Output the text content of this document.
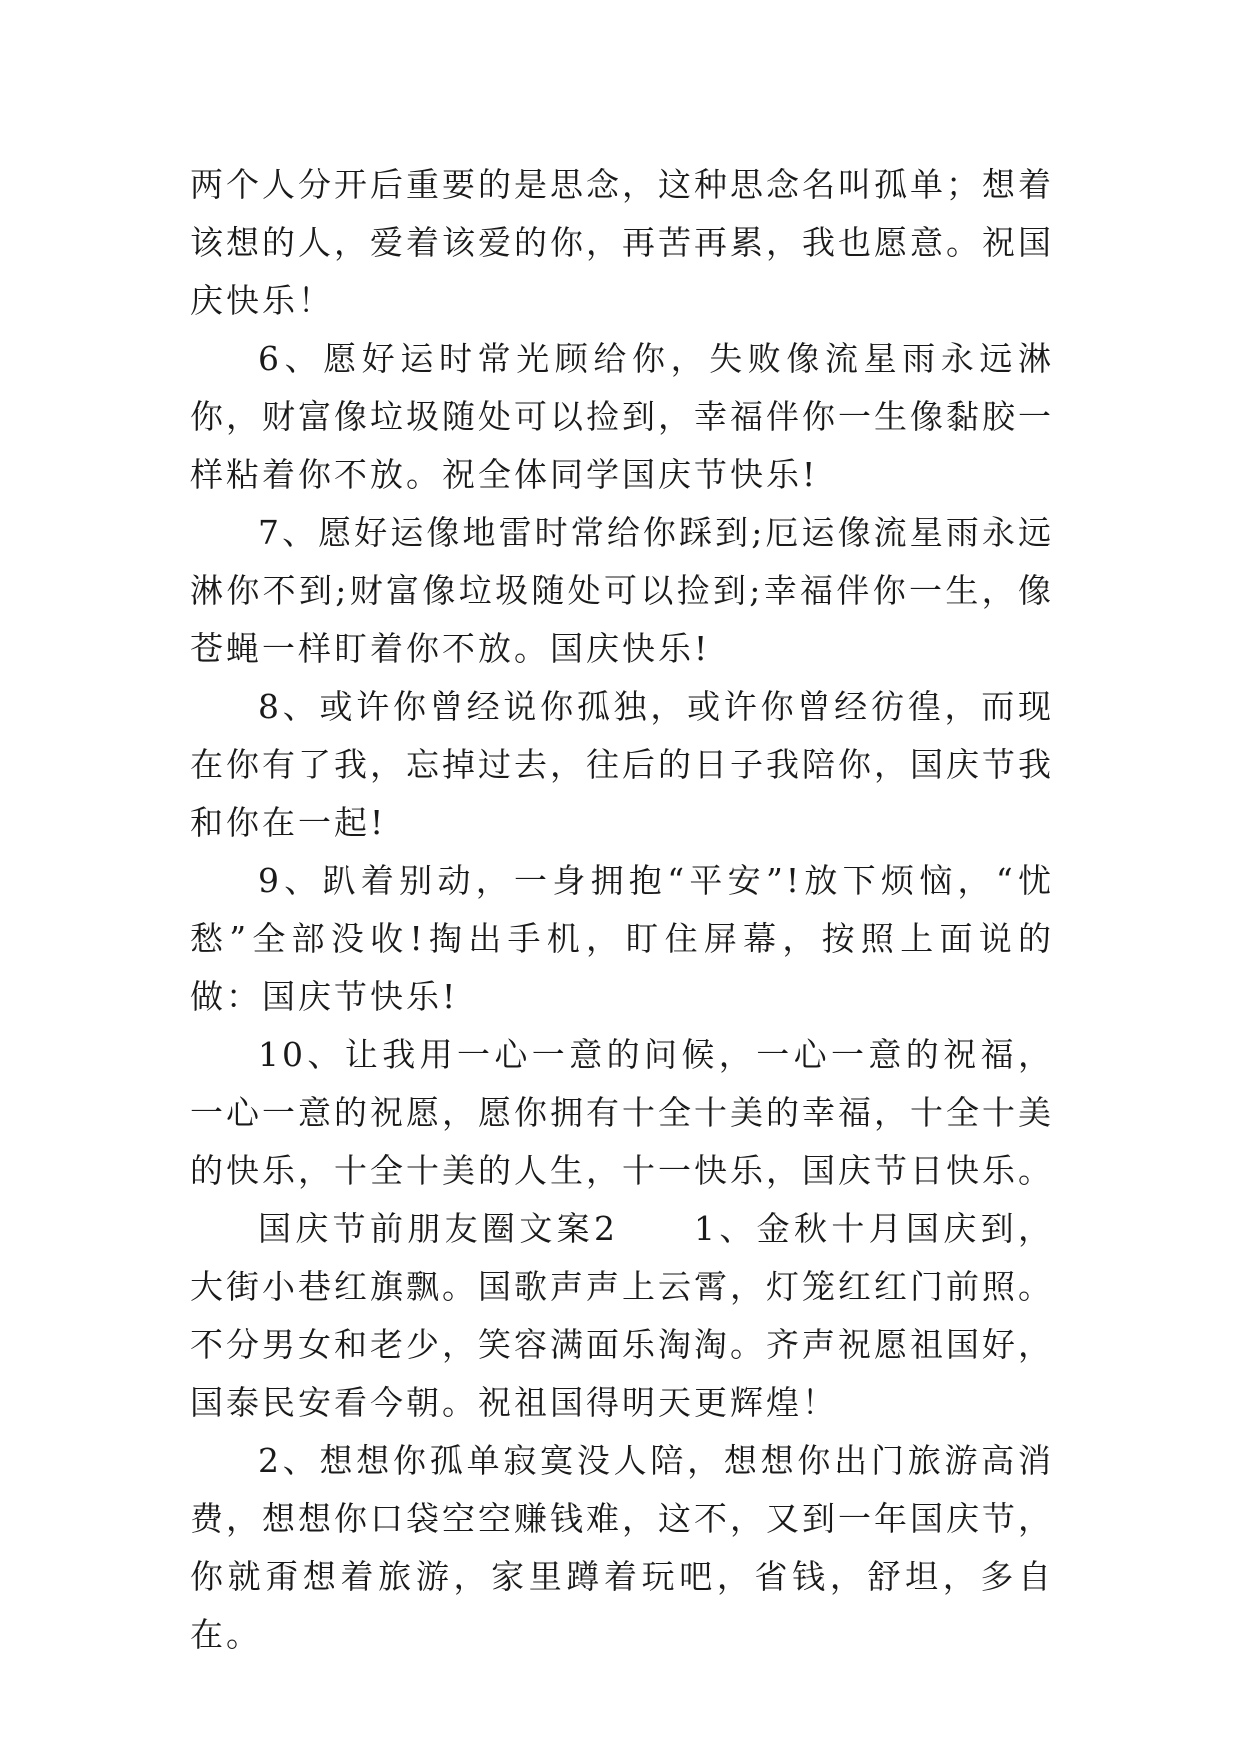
两个人分开后重要的是思念，这种思念名叫孤单；想着该想的人，爱着该爱的你，再苦再累，我也愿意。祝国庆快乐！

6、愿好运时常光顾给你，失败像流星雨永远淋你，财富像垃圾随处可以捡到，幸福伴你一生像黏胶一样粘着你不放。祝全体同学国庆节快乐!

7、愿好运像地雷时常给你踩到;厄运像流星雨永远淋你不到;财富像垃圾随处可以捡到;幸福伴你一生，像苍蝇一样盯着你不放。国庆快乐!

8、或许你曾经说你孤独，或许你曾经彷徨，而现在你有了我，忘掉过去，往后的日子我陪你，国庆节我和你在一起!

9、趴着别动，一身拥抱“平安”!放下烦恼，“忧愁”全部没收!掏出手机，盯住屏幕，按照上面说的做：国庆节快乐!

10、让我用一心一意的问候，一心一意的祝福，一心一意的祝愿，愿你拥有十全十美的幸福，十全十美的快乐，十全十美的人生，十一快乐，国庆节日快乐。

国庆节前朋友圈文案2　　1、金秋十月国庆到，大街小巷红旗飘。国歌声声上云霄，灯笼红红门前照。不分男女和老少，笑容满面乐淘淘。齐声祝愿祖国好，国泰民安看今朝。祝祖国得明天更辉煌！

2、想想你孤单寂寞没人陪，想想你出门旅游高消费，想想你口袋空空赚钱难，这不，又到一年国庆节，你就甭想着旅游，家里蹲着玩吧，省钱，舒坦，多自在。
